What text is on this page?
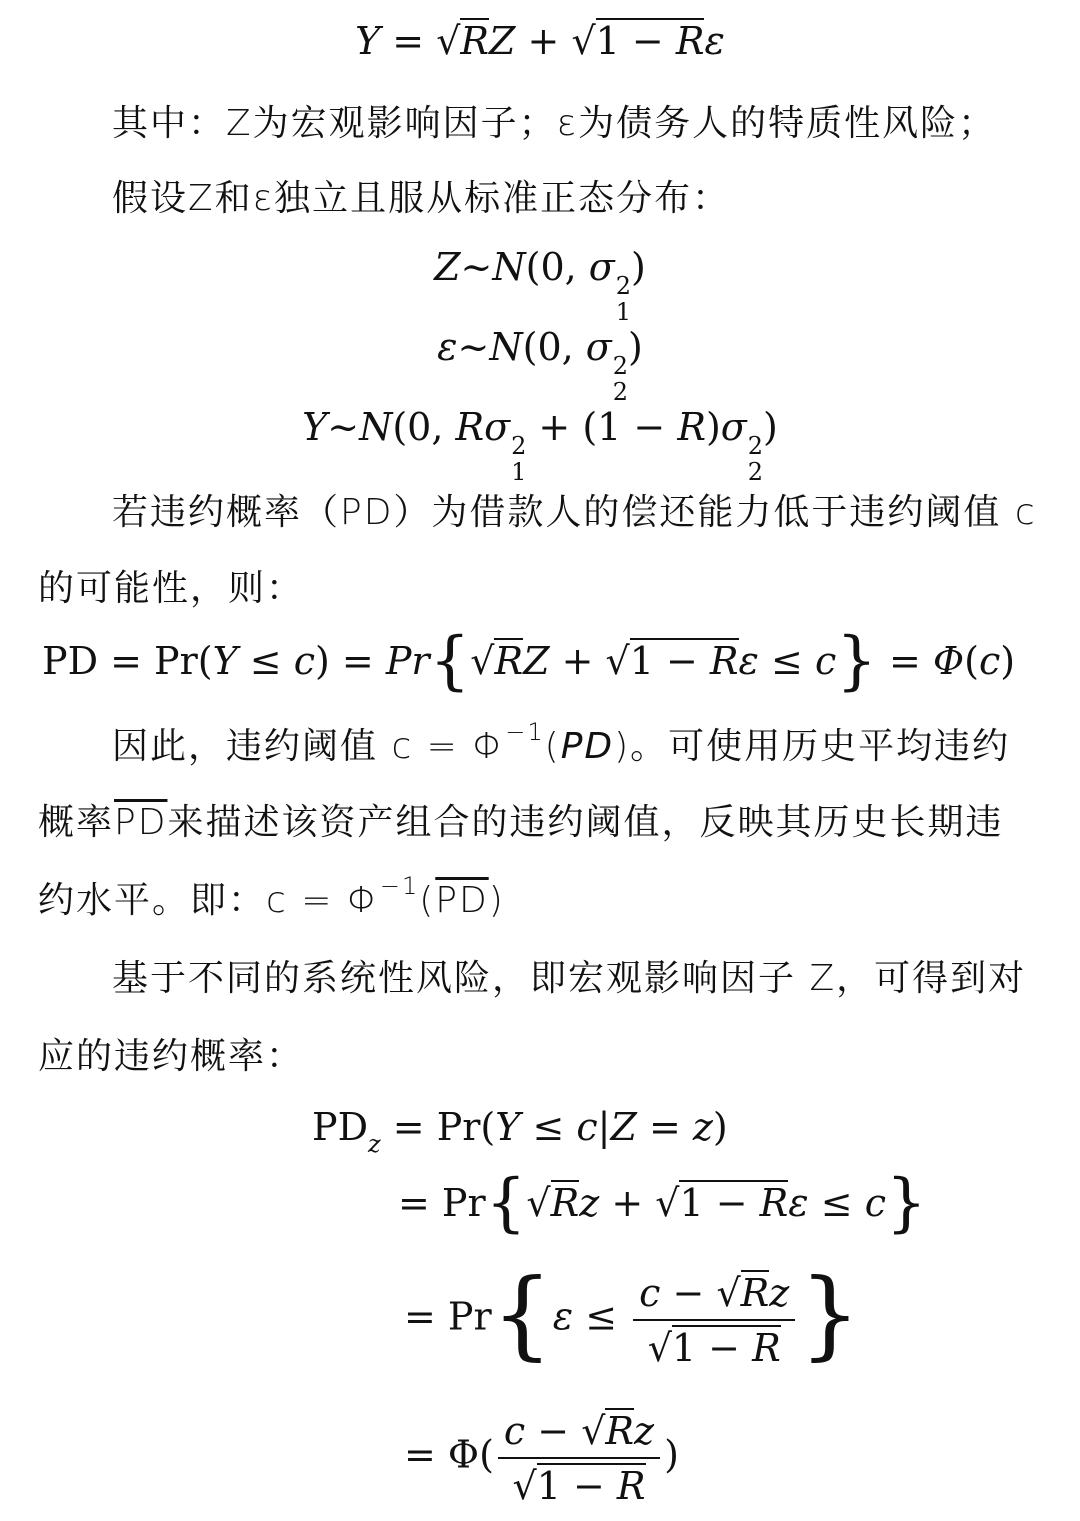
Y = √RZ + √1 − Rε
其中：Z为宏观影响因子；ε为债务人的特质性风险；
假设Z和ε独立且服从标准正态分布：
Z~N(0, σ 2
1
)
ε~N(0, σ 2
2
)
Y~N(0, Rσ 2
1
+ (1 − R)σ 2
2
)
若违约概率（PD）为借款人的偿还能力低于违约阈值 c
的可能性，则：
PD = Pr(Y ≤ c) = Pr{√RZ + √1 − Rε ≤ c} = Φ(c)
因此，违约阈值 $c = \Phi^{-1}(PD)$。可使用历史平均违约
概率$\overline{PD}$来描述该资产组合的违约阈值，反映其历史长期违
约水平。即：$c = \Phi^{-1}(\overline{PD})$
基于不同的系统性风险，即宏观影响因子 Z，可得到对
应的违约概率：
$PD_z = Pr(Y \le c|Z = z)$
= Pr{√Rz + √1 − Rε ≤ c}
= $Pr\{\varepsilon \le \frac{c - √Rz}{√1 - R}$ }
= $\Phi( \frac{c - √Rz}{√1 - R}$ )
